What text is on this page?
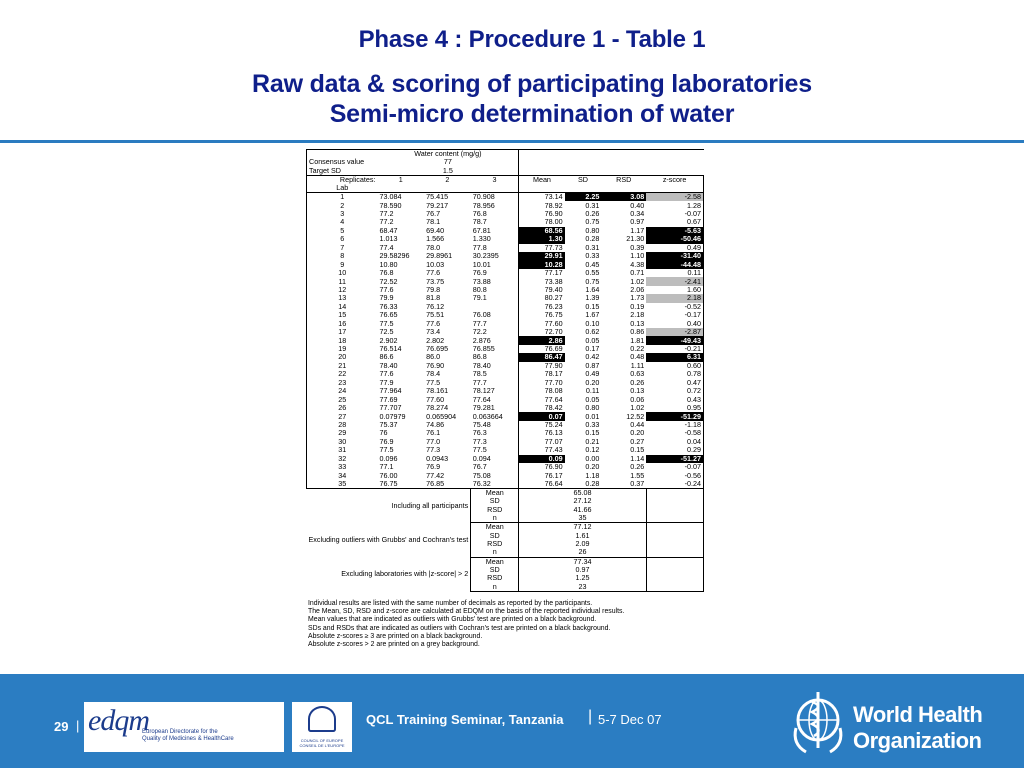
Phase 4 : Procedure 1 - Table 1
Raw data & scoring of participating laboratories
Semi-micro determination of water
	Water content (mg/g)						
Consensus value	77						
Target SD	1.5						
Replicates:	1	2	3	Mean	SD	RSD	z-score
Lab							
1	73.084	75.415	70.908	73.14	2.25	3.08	-2.58
2	78.590	79.217	78.956	78.92	0.31	0.40	1.28
3	77.2	76.7	76.8	76.90	0.26	0.34	-0.07
4	77.2	78.1	78.7	78.00	0.75	0.97	0.67
5	68.47	69.40	67.81	68.56	0.80	1.17	-5.63
6	1.013	1.566	1.330	1.30	0.28	21.30	-50.46
7	77.4	78.0	77.8	77.73	0.31	0.39	0.49
8	29.58296	29.8961	30.2395	29.91	0.33	1.10	-31.40
9	10.80	10.03	10.01	10.28	0.45	4.38	-44.48
10	76.8	77.6	76.9	77.17	0.55	0.71	0.11
11	72.52	73.75	73.88	73.38	0.75	1.02	-2.41
12	77.6	79.8	80.8	79.40	1.64	2.06	1.60
13	79.9	81.8	79.1	80.27	1.39	1.73	2.18
14	76.33	76.12		76.23	0.15	0.19	-0.52
15	76.65	75.51	76.08	76.75	1.67	2.18	-0.17
16	77.5	77.6	77.7	77.60	0.10	0.13	0.40
17	72.5	73.4	72.2	72.70	0.62	0.86	-2.87
18	2.902	2.802	2.876	2.86	0.05	1.81	-49.43
19	76.514	76.695	76.855	76.69	0.17	0.22	-0.21
20	86.6	86.0	86.8	86.47	0.42	0.48	6.31
21	78.40	76.90	78.40	77.90	0.87	1.11	0.60
22	77.6	78.4	78.5	78.17	0.49	0.63	0.78
23	77.9	77.5	77.7	77.70	0.20	0.26	0.47
24	77.964	78.161	78.127	78.08	0.11	0.13	0.72
25	77.69	77.60	77.64	77.64	0.05	0.06	0.43
26	77.707	78.274	79.281	78.42	0.80	1.02	0.95
27	0.07979	0.065904	0.063664	0.07	0.01	12.52	-51.29
28	75.37	74.86	75.48	75.24	0.33	0.44	-1.18
29	76	76.1	76.3	76.13	0.15	0.20	-0.58
30	76.9	77.0	77.3	77.07	0.21	0.27	0.04
31	77.5	77.3	77.5	77.43	0.12	0.15	0.29
32	0.096	0.0943	0.094	0.09	0.00	1.14	-51.27
33	77.1	76.9	76.7	76.90	0.20	0.26	-0.07
34	76.00	77.42	75.08	76.17	1.18	1.55	-0.56
35	76.75	76.85	76.32	76.64	0.28	0.37	-0.24
Including all participants			Mean	65.08			
			SD	27.12			
			RSD	41.66			
			n	35			
Excluding outliers with Grubbs' and Cochran's test			Mean	77.12			
			SD	1.61			
			RSD	2.09			
			n	26			
Excluding laboratories with |z-score| > 2			Mean	77.34			
			SD	0.97			
			RSD	1.25			
			n	23			
Individual results are listed with the same number of decimals as reported by the participants.
The Mean, SD, RSD and z-score are calculated at EDQM on the basis of the reported individual results.
Mean values that are indicated as outliers with Grubbs' test are printed on a black background.
SDs and RSDs that are indicated as outliers with Cochran's test are printed on a black background.
Absolute z-scores ≥ 3 are printed on a black background.
Absolute z-scores > 2 are printed on a grey background.
29 | edqm
European Directorate for the
Quality of Medicines & HealthCare	COUNCIL OF EUROPE CONSEIL DE L'EUROPE
QCL Training Seminar, Tanzania | 5-7 Dec 07	World Health
Organization
